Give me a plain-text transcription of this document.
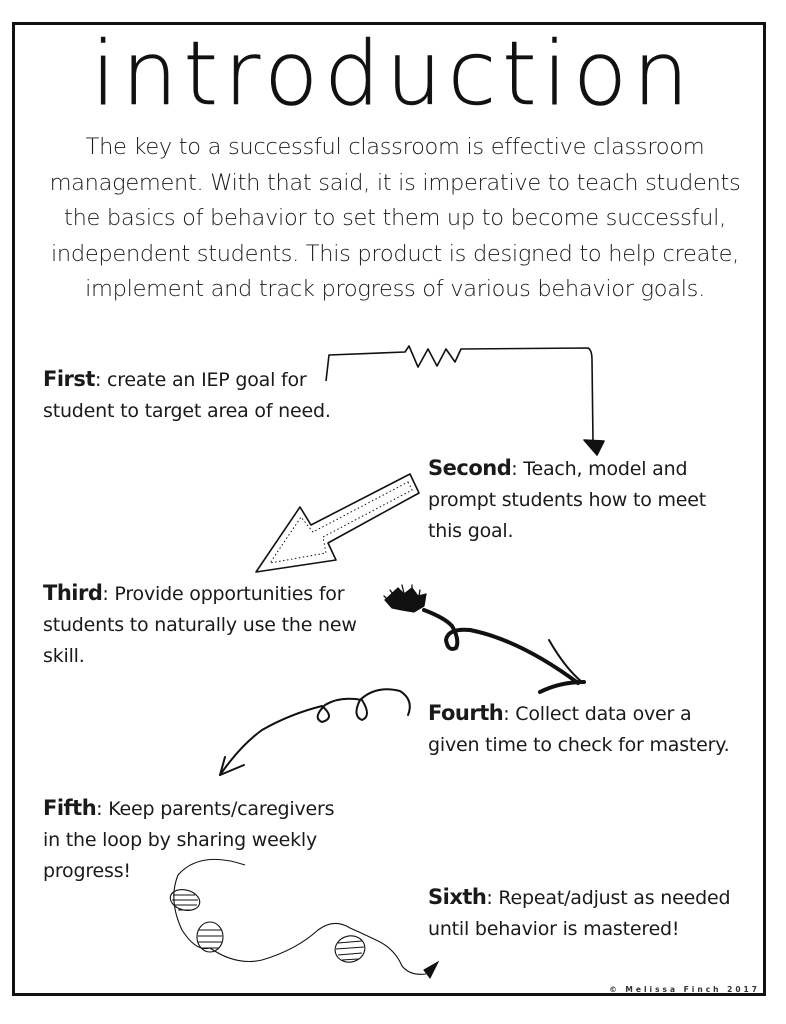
introduction
The key to a successful classroom is effective classroom
management. With that said, it is imperative to teach students
the basics of behavior to set them up to become successful,
independent students. This product is designed to help create,
implement and track progress of various behavior goals.
First: create an IEP goal for
student to target area of need.
Second: Teach, model and
prompt students how to meet
this goal.
Third: Provide opportunities for
students to naturally use the new
skill.
Fourth: Collect data over a
given time to check for mastery.
Fifth: Keep parents/caregivers
in the loop by sharing weekly
progress!
Sixth: Repeat/adjust as needed
until behavior is mastered!
© Melissa Finch 2017
